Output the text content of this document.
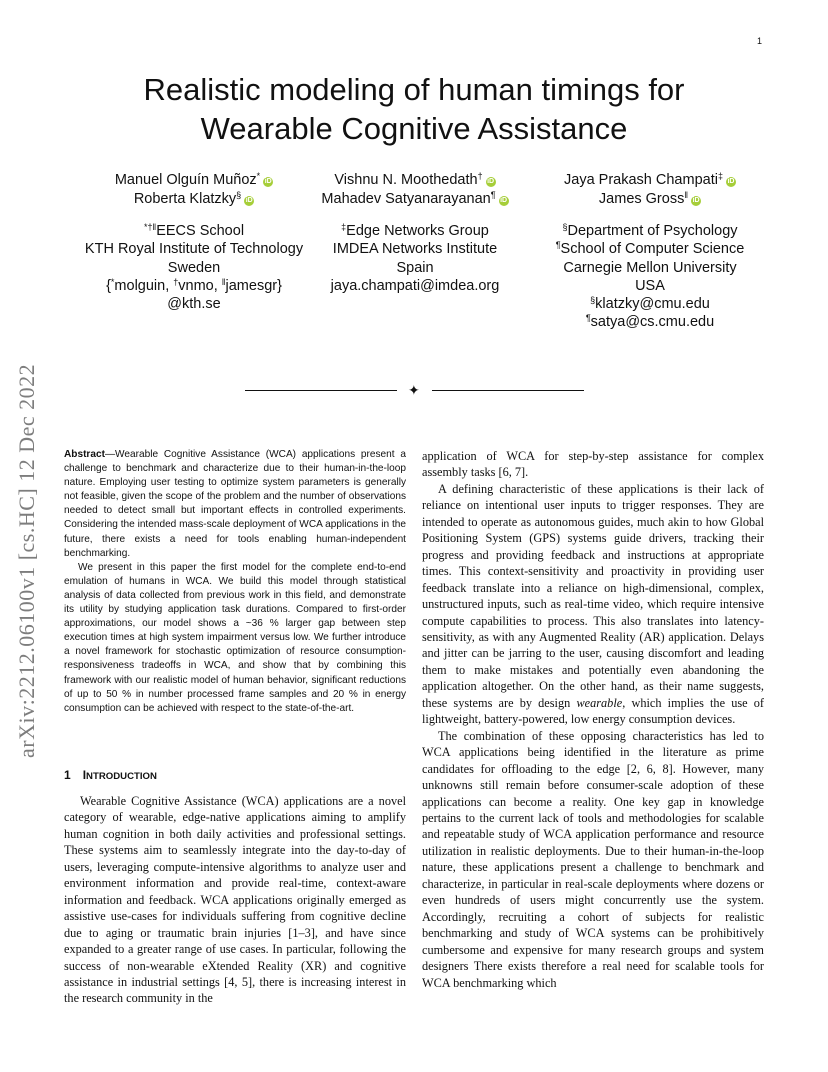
1
arXiv:2212.06100v1 [cs.HC] 12 Dec 2022
Realistic modeling of human timings for
Wearable Cognitive Assistance
Manuel Olguín Muñoz*iD
Roberta Klatzky§iD
Vishnu N. Moothedath†iD
Mahadev Satyanarayanan¶iD
Jaya Prakash Champati‡iD
James Gross‖iD
*†‖EECS School
KTH Royal Institute of Technology
Sweden
{*molguin, †vnmo, ‖jamesgr}
@kth.se
‡Edge Networks Group
IMDEA Networks Institute
Spain
jaya.champati@imdea.org
§Department of Psychology
¶School of Computer Science
Carnegie Mellon University
USA
§klatzky@cmu.edu
¶satya@cs.cmu.edu
✦

Abstract—Wearable Cognitive Assistance (WCA) applications present a challenge to benchmark and characterize due to their human-in-the-loop nature. Employing user testing to optimize system parameters is generally not feasible, given the scope of the problem and the number of observations needed to detect small but important effects in controlled experiments. Considering the intended mass-scale deployment of WCA applications in the future, there exists a need for tools enabling human-independent benchmarking.

We present in this paper the first model for the complete end-to-end emulation of humans in WCA. We build this model through statistical analysis of data collected from previous work in this field, and demonstrate its utility by studying application task durations. Compared to first-order approximations, our model shows a ~36 % larger gap between step execution times at high system impairment versus low. We further introduce a novel framework for stochastic optimization of resource consumption-responsiveness tradeoffs in WCA, and show that by combining this framework with our realistic model of human behavior, significant reductions of up to 50 % in number processed frame samples and 20 % in energy consumption can be achieved with respect to the state-of-the-art.

1 INTRODUCTION

Wearable Cognitive Assistance (WCA) applications are a novel category of wearable, edge-native applications aiming to amplify human cognition in both daily activities and professional settings. These systems aim to seamlessly integrate into the day-to-day of users, leveraging compute-intensive algorithms to analyze user and environment information and provide real-time, context-aware information and feedback. WCA applications originally emerged as assistive use-cases for individuals suffering from cognitive decline due to aging or traumatic brain injuries [1–3], and have since expanded to a greater range of use cases. In particular, following the success of non-wearable eXtended Reality (XR) and cognitive assistance in industrial settings [4, 5], there is increasing interest in the research community in the

application of WCA for step-by-step assistance for complex assembly tasks [6, 7].

A defining characteristic of these applications is their lack of reliance on intentional user inputs to trigger responses. They are intended to operate as autonomous guides, much akin to how Global Positioning System (GPS) systems guide drivers, tracking their progress and providing feedback and instructions at appropriate times. This context-sensitivity and proactivity in providing user feedback translate into a reliance on high-dimensional, complex, unstructured inputs, such as real-time video, which require intensive compute capabilities to process. This also translates into latency-sensitivity, as with any Augmented Reality (AR) application. Delays and jitter can be jarring to the user, causing discomfort and leading them to make mistakes and potentially even abandoning the application altogether. On the other hand, as their name suggests, these systems are by design wearable, which implies the use of lightweight, battery-powered, low energy consumption devices.

The combination of these opposing characteristics has led to WCA applications being identified in the literature as prime candidates for offloading to the edge [2, 6, 8]. However, many unknowns still remain before consumer-scale adoption of these applications can become a reality. One key gap in knowledge pertains to the current lack of tools and methodologies for scalable and repeatable study of WCA application performance and resource utilization in realistic deployments. Due to their human-in-the-loop nature, these applications present a challenge to benchmark and characterize, in particular in real-scale deployments where dozens or even hundreds of users might concurrently use the system. Accordingly, recruiting a cohort of subjects for realistic benchmarking and study of WCA systems can be prohibitively cumbersome and expensive for many research groups and system designers There exists therefore a real need for scalable tools for WCA benchmarking which
